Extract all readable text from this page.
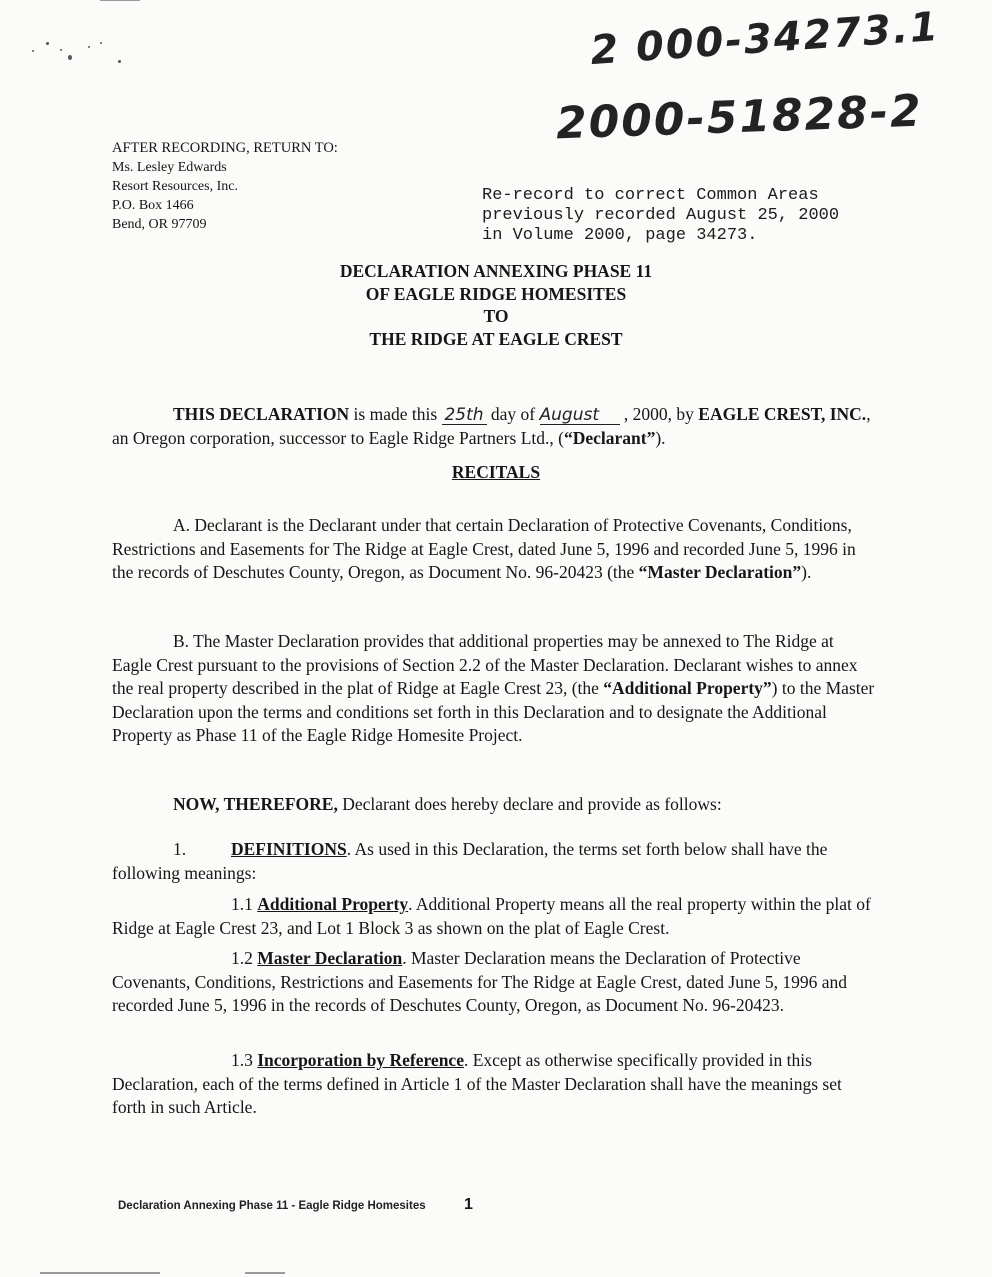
2 000-34273.1
2000-51828-2
AFTER RECORDING, RETURN TO:
Ms. Lesley Edwards
Resort Resources, Inc.
P.O. Box 1466
Bend, OR 97709
Re-record to correct Common Areas
previously recorded August 25, 2000
in Volume 2000, page 34273.
DECLARATION ANNEXING PHASE 11
OF EAGLE RIDGE HOMESITES
TO
THE RIDGE AT EAGLE CREST
THIS DECLARATION is made this 25th day of August , 2000, by EAGLE CREST, INC., an Oregon corporation, successor to Eagle Ridge Partners Ltd., (“Declarant”).
RECITALS
A. Declarant is the Declarant under that certain Declaration of Protective Covenants, Conditions, Restrictions and Easements for The Ridge at Eagle Crest, dated June 5, 1996 and recorded June 5, 1996 in the records of Deschutes County, Oregon, as Document No. 96-20423 (the “Master Declaration”).
B. The Master Declaration provides that additional properties may be annexed to The Ridge at Eagle Crest pursuant to the provisions of Section 2.2 of the Master Declaration. Declarant wishes to annex the real property described in the plat of Ridge at Eagle Crest 23, (the “Additional Property”) to the Master Declaration upon the terms and conditions set forth in this Declaration and to designate the Additional Property as Phase 11 of the Eagle Ridge Homesite Project.
NOW, THEREFORE, Declarant does hereby declare and provide as follows:
1.	DEFINITIONS. As used in this Declaration, the terms set forth below shall have the following meanings:
1.1 Additional Property. Additional Property means all the real property within the plat of Ridge at Eagle Crest 23, and Lot 1 Block 3 as shown on the plat of Eagle Crest.
1.2 Master Declaration. Master Declaration means the Declaration of Protective Covenants, Conditions, Restrictions and Easements for The Ridge at Eagle Crest, dated June 5, 1996 and recorded June 5, 1996 in the records of Deschutes County, Oregon, as Document No. 96-20423.
1.3 Incorporation by Reference. Except as otherwise specifically provided in this Declaration, each of the terms defined in Article 1 of the Master Declaration shall have the meanings set forth in such Article.
Declaration Annexing Phase 11 - Eagle Ridge Homesites 1
